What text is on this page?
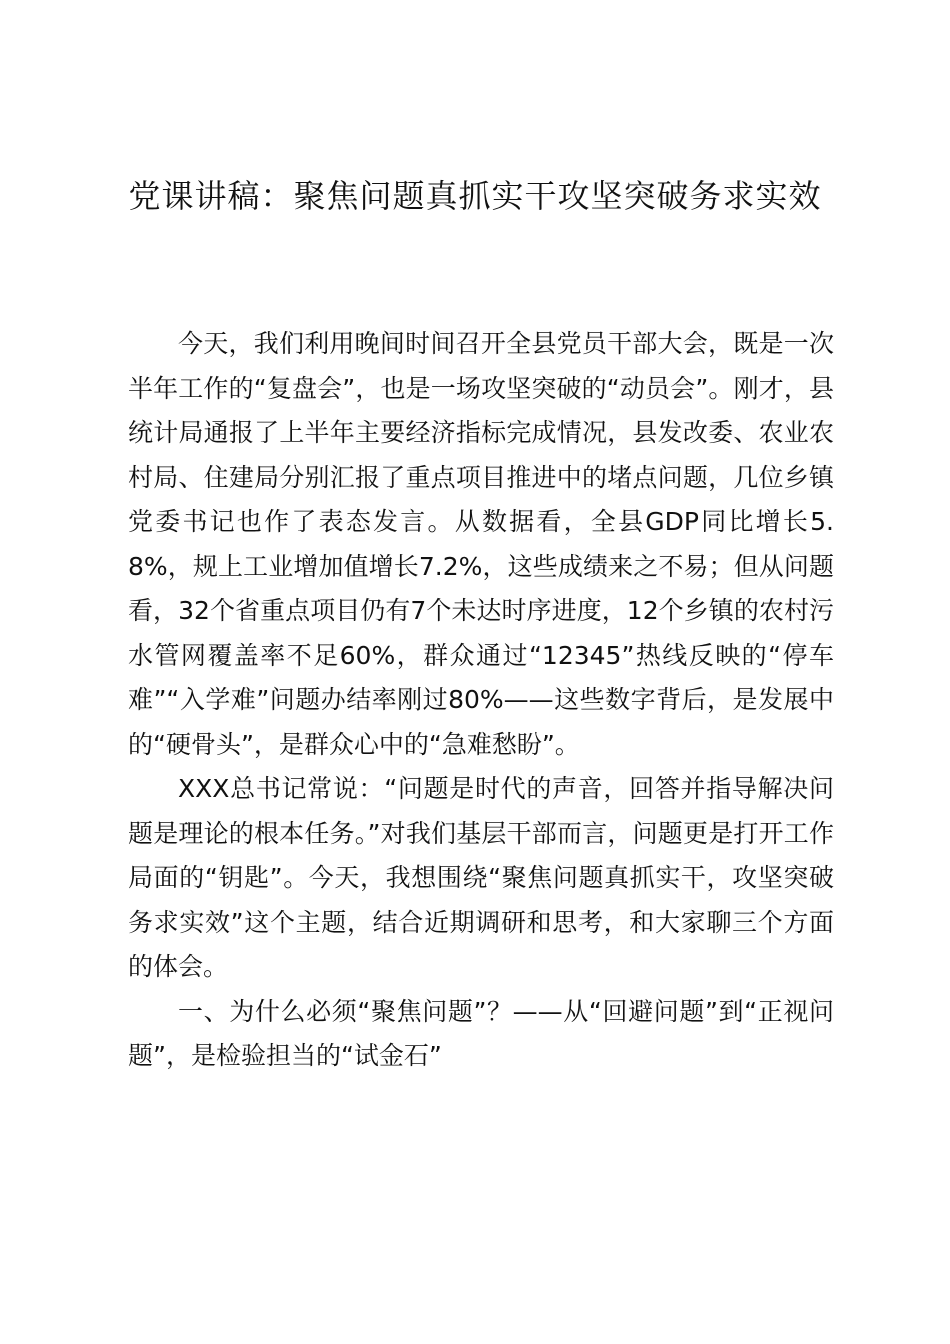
党课讲稿：聚焦问题真抓实干攻坚突破务求实效

今天，我们利用晚间时间召开全县党员干部大会，既是一次半年工作的“复盘会”，也是一场攻坚突破的“动员会”。刚才，县统计局通报了上半年主要经济指标完成情况，县发改委、农业农村局、住建局分别汇报了重点项目推进中的堵点问题，几位乡镇党委书记也作了表态发言。从数据看，全县GDP同比增长5.8%，规上工业增加值增长7.2%，这些成绩来之不易；但从问题看，32个省重点项目仍有7个未达时序进度，12个乡镇的农村污水管网覆盖率不足60%，群众通过“12345”热线反映的“停车难”“入学难”问题办结率刚过80%——这些数字背后，是发展中的“硬骨头”，是群众心中的“急难愁盼”。

XXX总书记常说：“问题是时代的声音，回答并指导解决问题是理论的根本任务。”对我们基层干部而言，问题更是打开工作局面的“钥匙”。今天，我想围绕“聚焦问题真抓实干，攻坚突破务求实效”这个主题，结合近期调研和思考，和大家聊三个方面的体会。

一、为什么必须“聚焦问题”？——从“回避问题”到“正视问题”，是检验担当的“试金石”
